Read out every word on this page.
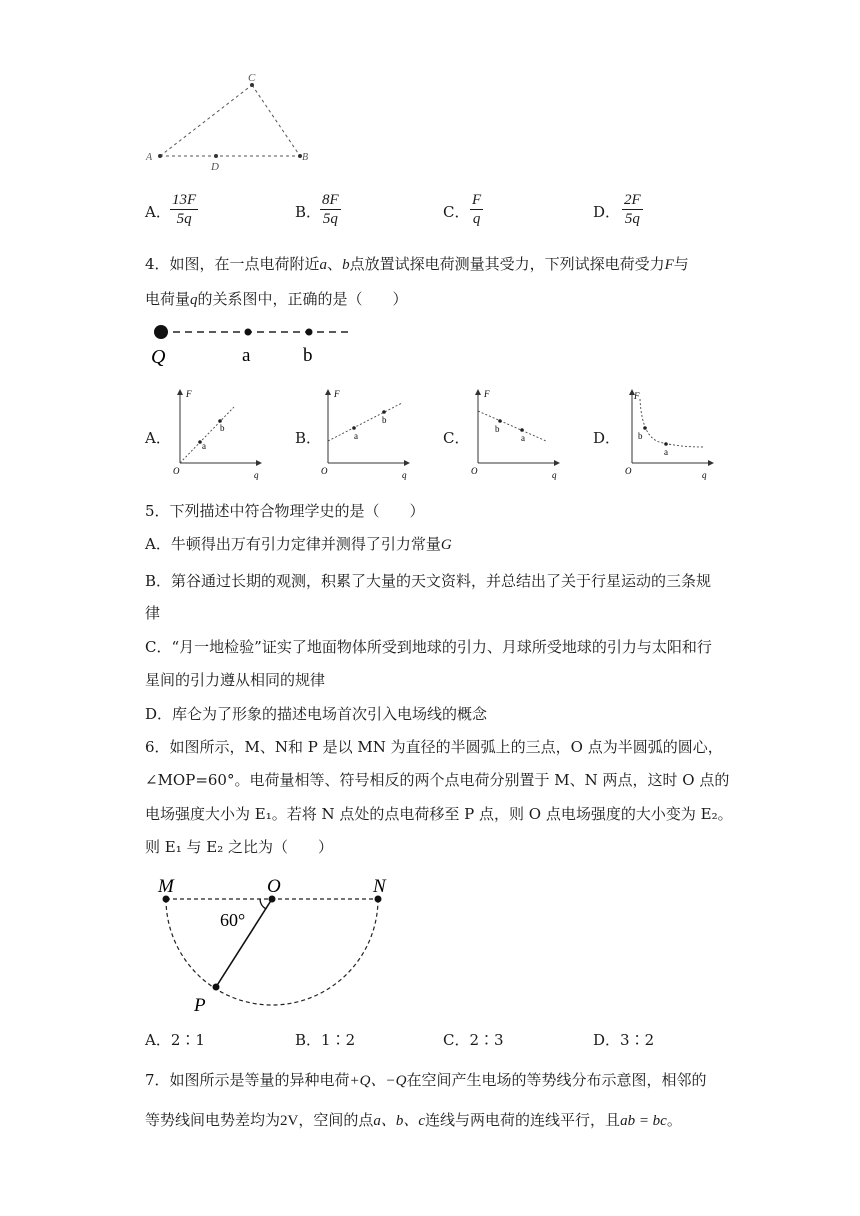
C
A
D
B
A． $\frac{13F}{5q}$	B．
$\frac{8F}{5q}$	C． $\frac{F}{q}$	D． $\frac{2F}{5q}$
4．如图，在一点电荷附近a、b点放置试探电荷测量其受力，下列试探电荷受力F与
电荷量q的关系图中，正确的是（　　）
Q	a	b
A．	B．	C．	D．
F
q
O
a
b
F
q
O
a
b
F
q
O
b
a
F
q
O
b
a
5．下列描述中符合物理学史的是（　　）
A．牛顿得出万有引力定律并测得了引力常量G
B．第谷通过长期的观测，积累了大量的天文资料，并总结出了关于行星运动的三条规
律
C．“月一地检验”证实了地面物体所受到地球的引力、月球所受地球的引力与太阳和行
星间的引力遵从相同的规律
D．库仑为了形象的描述电场首次引入电场线的概念
6．如图所示，M、N和 P 是以 MN 为直径的半圆弧上的三点，O 点为半圆弧的圆心，
∠MOP=60°。电荷量相等、符号相反的两个点电荷分别置于 M、N 两点，这时 O 点的
电场强度大小为 E₁。若将 N 点处的点电荷移至 P 点，则 O 点电场强度的大小变为 E₂。
则 E₁ 与 E₂ 之比为（　　）
M	O	N
P
60°
A．2∶1	B．1∶2	C．2∶3	D．3∶2
7．如图所示是等量的异种电荷+Q、−Q在空间产生电场的等势线分布示意图，相邻的
等势线间电势差均为2V，空间的点a、b、c连线与两电荷的连线平行，且ab = bc。
